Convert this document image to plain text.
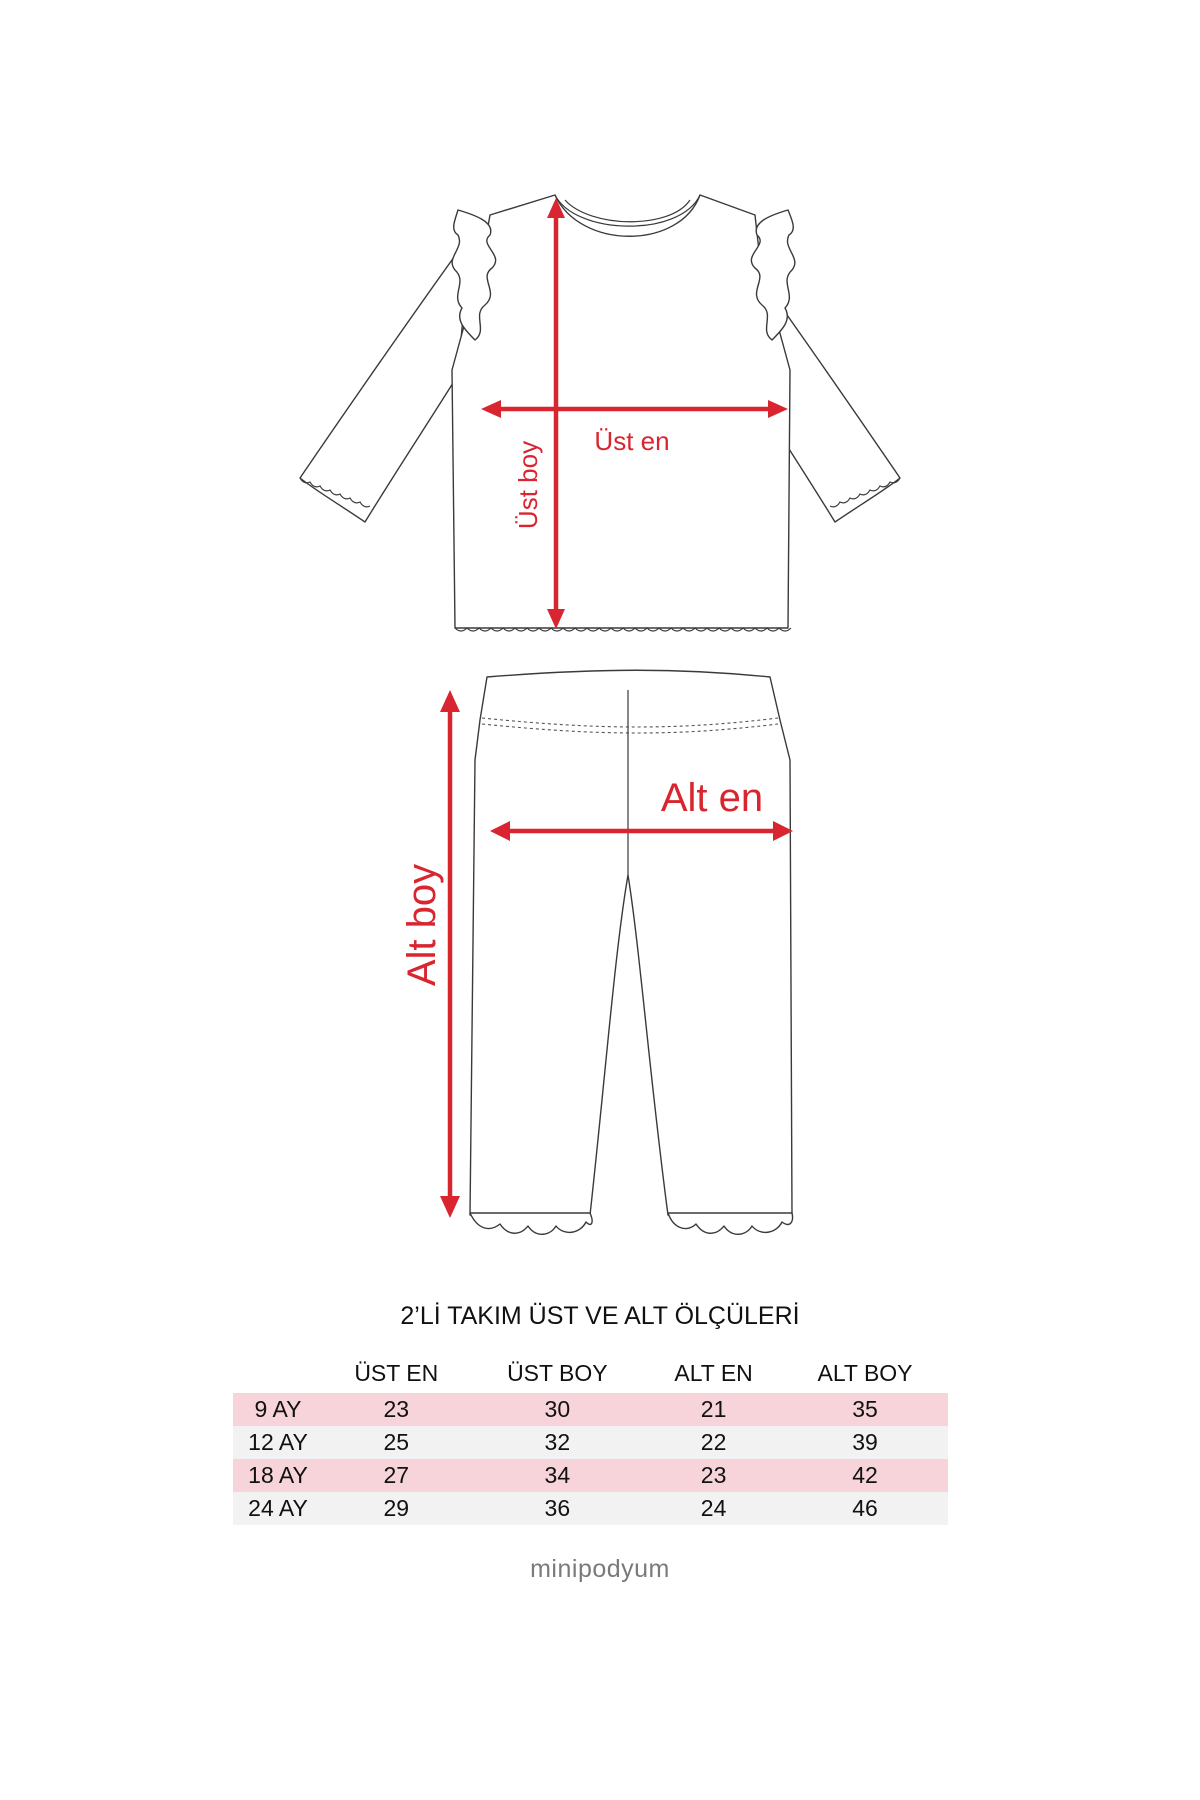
Üst en
Üst boy
Alt en
Alt boy
2’Lİ TAKIM ÜST VE ALT ÖLÇÜLERİ
	ÜST EN	ÜST BOY	ALT EN	ALT BOY
9 AY	23	30	21	35
12 AY	25	32	22	39
18 AY	27	34	23	42
24 AY	29	36	24	46
minipodyum
